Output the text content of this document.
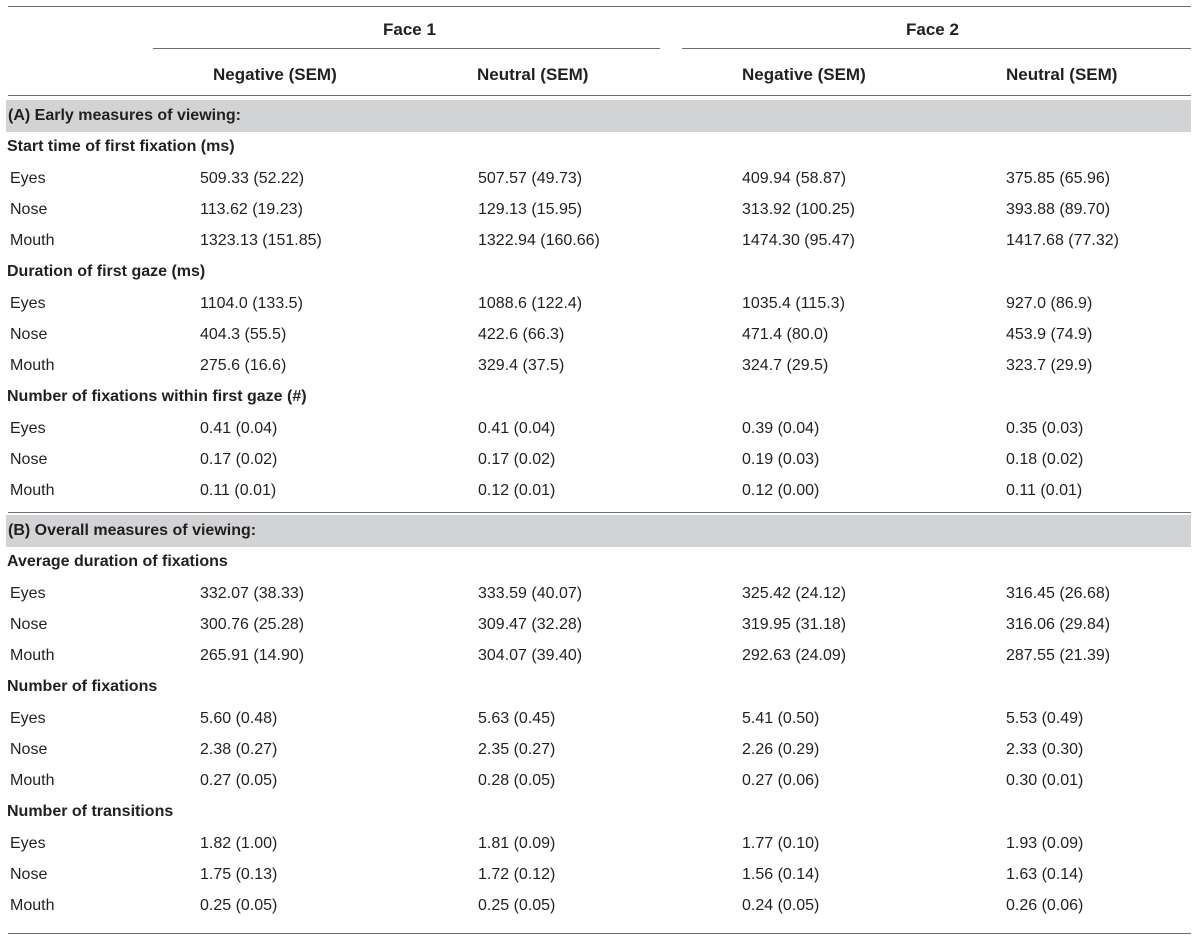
Face 1	Face 2
Negative (SEM)	Neutral (SEM)	Negative (SEM)	Neutral (SEM)
(A) Early measures of viewing:
Start time of first fixation (ms)
Eyes	509.33 (52.22)	507.57 (49.73)	409.94 (58.87)	375.85 (65.96)
Nose	113.62 (19.23)	129.13 (15.95)	313.92 (100.25)	393.88 (89.70)
Mouth	1323.13 (151.85)	1322.94 (160.66)	1474.30 (95.47)	1417.68 (77.32)
Duration of first gaze (ms)
Eyes	1104.0 (133.5)	1088.6 (122.4)	1035.4 (115.3)	927.0 (86.9)
Nose	404.3 (55.5)	422.6 (66.3)	471.4 (80.0)	453.9 (74.9)
Mouth	275.6 (16.6)	329.4 (37.5)	324.7 (29.5)	323.7 (29.9)
Number of fixations within first gaze (#)
Eyes	0.41 (0.04)	0.41 (0.04)	0.39 (0.04)	0.35 (0.03)
Nose	0.17 (0.02)	0.17 (0.02)	0.19 (0.03)	0.18 (0.02)
Mouth	0.11 (0.01)	0.12 (0.01)	0.12 (0.00)	0.11 (0.01)
(B) Overall measures of viewing:
Average duration of fixations
Eyes	332.07 (38.33)	333.59 (40.07)	325.42 (24.12)	316.45 (26.68)
Nose	300.76 (25.28)	309.47 (32.28)	319.95 (31.18)	316.06 (29.84)
Mouth	265.91 (14.90)	304.07 (39.40)	292.63 (24.09)	287.55 (21.39)
Number of fixations
Eyes	5.60 (0.48)	5.63 (0.45)	5.41 (0.50)	5.53 (0.49)
Nose	2.38 (0.27)	2.35 (0.27)	2.26 (0.29)	2.33 (0.30)
Mouth	0.27 (0.05)	0.28 (0.05)	0.27 (0.06)	0.30 (0.01)
Number of transitions
Eyes	1.82 (1.00)	1.81 (0.09)	1.77 (0.10)	1.93 (0.09)
Nose	1.75 (0.13)	1.72 (0.12)	1.56 (0.14)	1.63 (0.14)
Mouth	0.25 (0.05)	0.25 (0.05)	0.24 (0.05)	0.26 (0.06)
